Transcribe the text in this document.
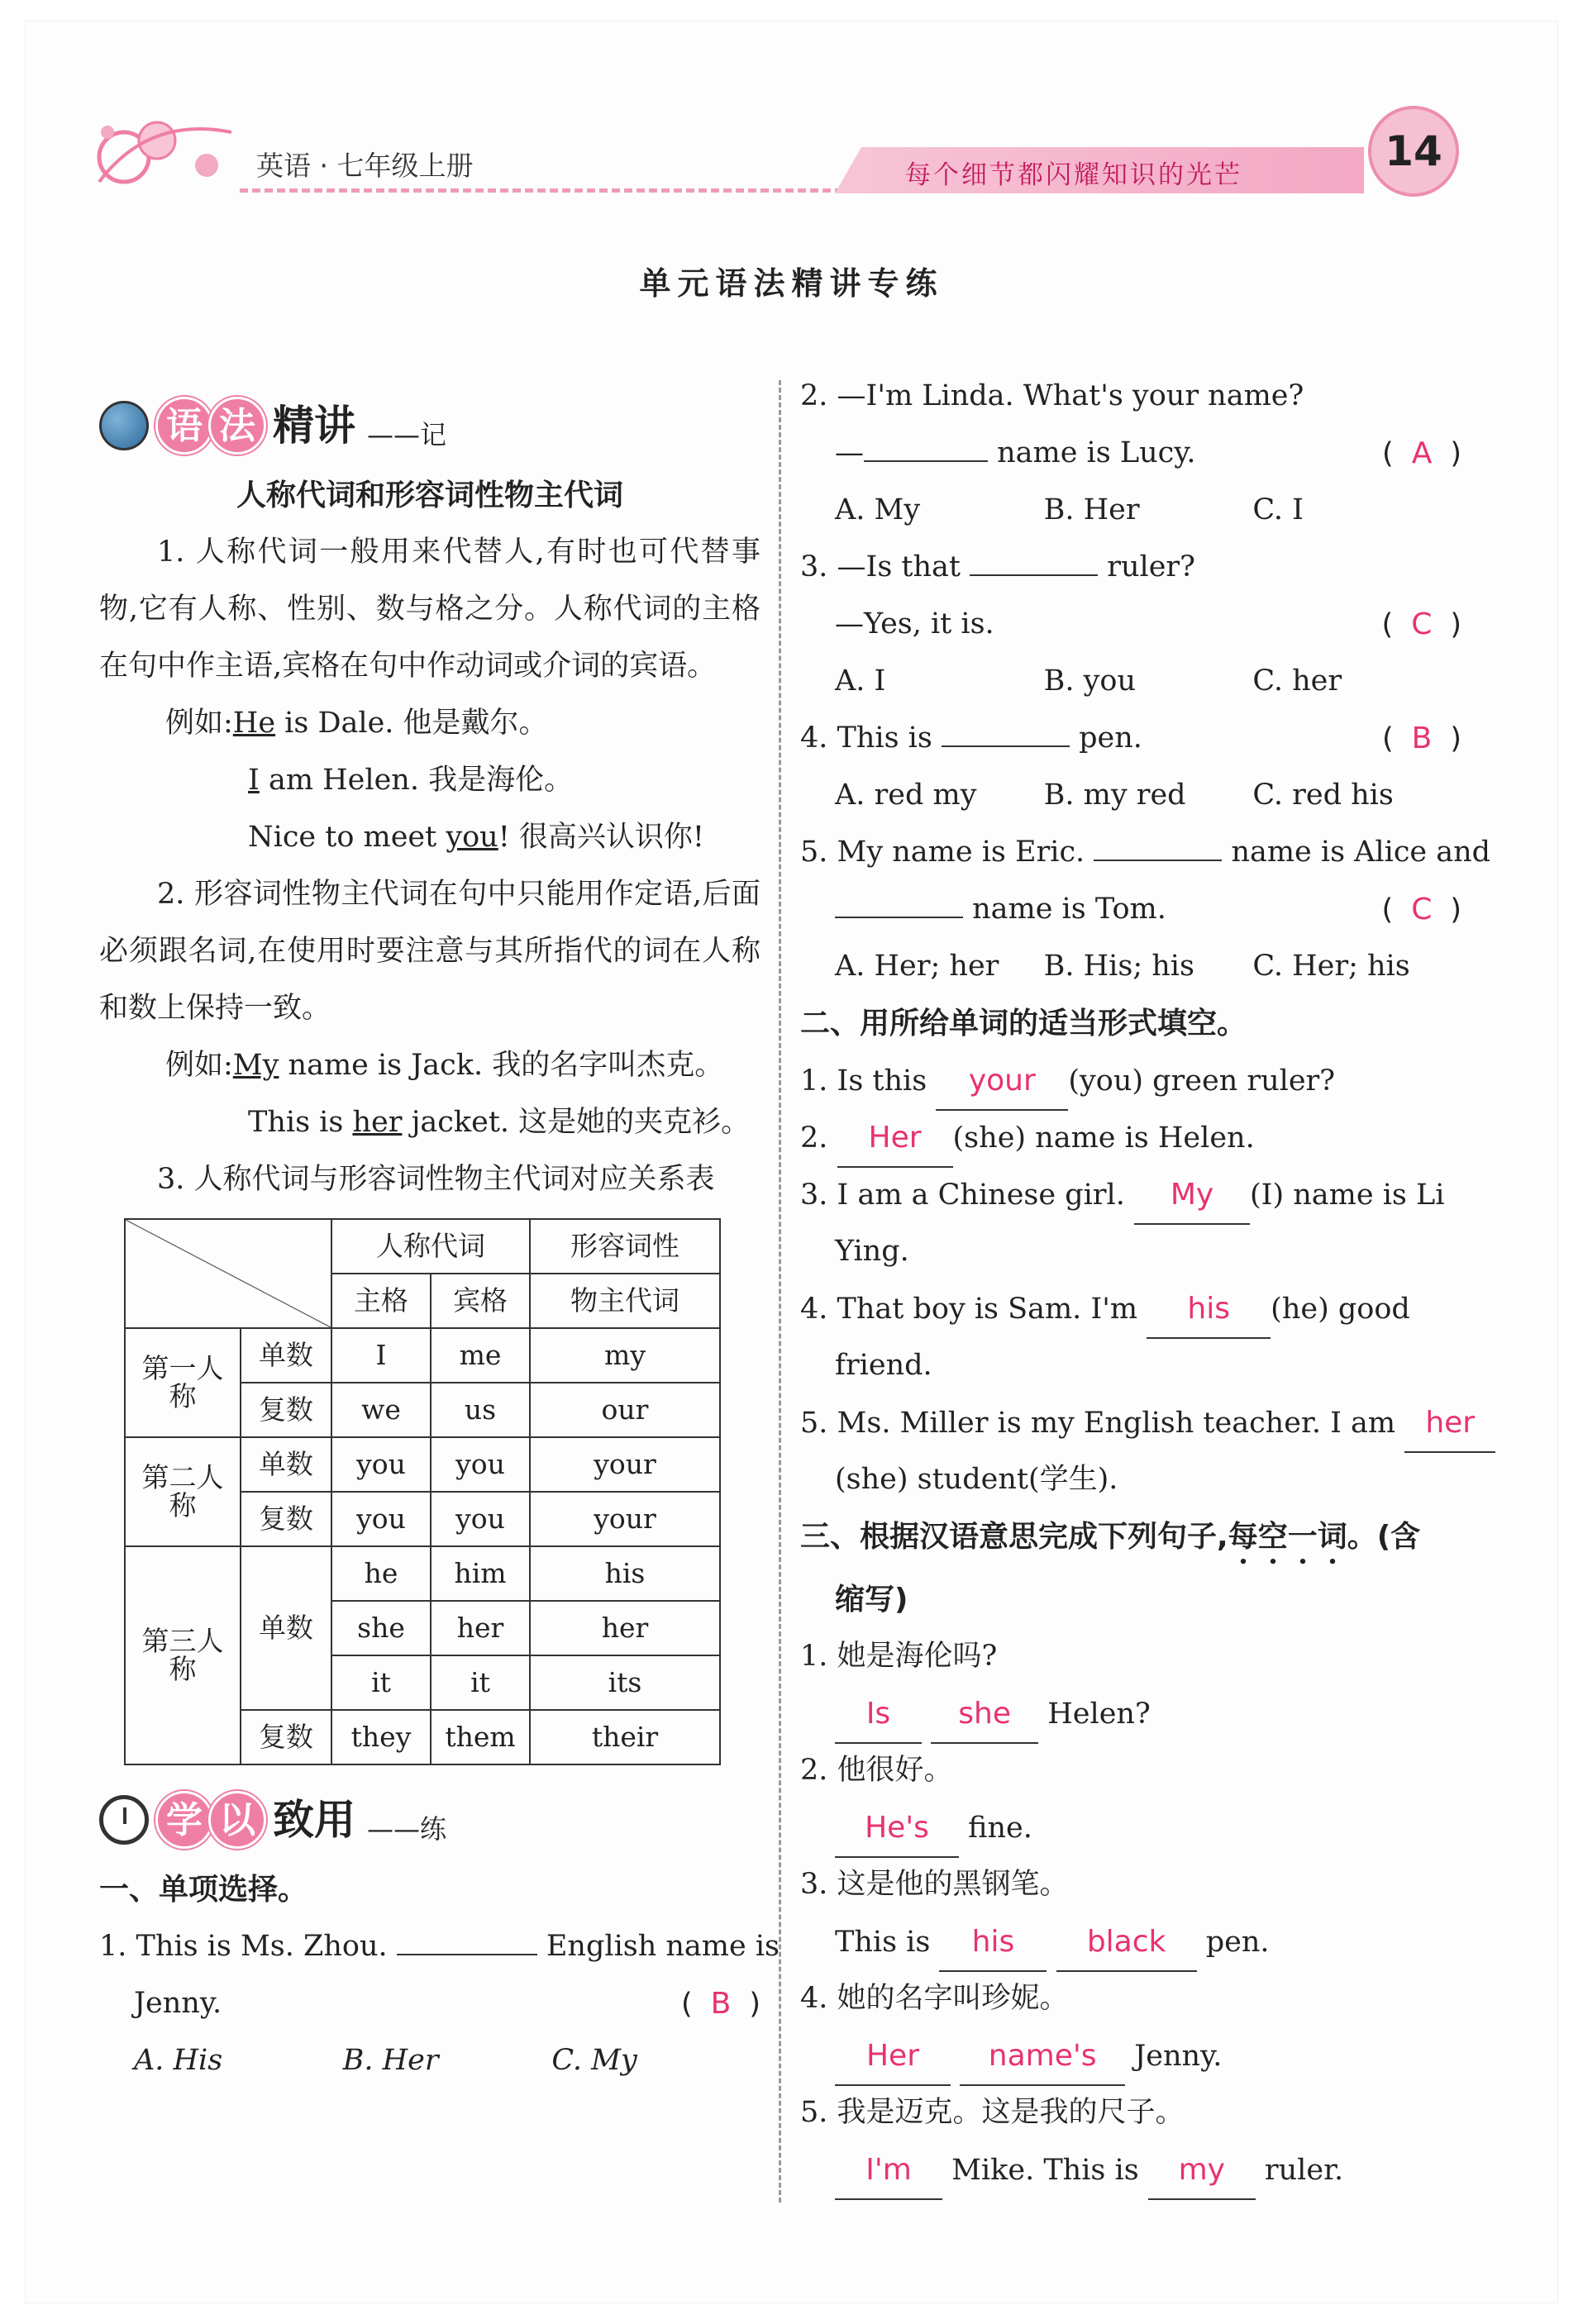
英语 · 七年级上册	每个细节都闪耀知识的光芒	14
单元语法精讲专练
语 法 精讲 ——记
人称代词和形容词性物主代词
1. 人称代词一般用来代替人,有时也可代替事物,它有人称、性别、数与格之分。人称代词的主格在句中作主语,宾格在句中作动词或介词的宾语。
例如:He is Dale. 他是戴尔。
I am Helen. 我是海伦。
Nice to meet you! 很高兴认识你!
2. 形容词性物主代词在句中只能用作定语,后面必须跟名词,在使用时要注意与其所指代的词在人称和数上保持一致。
例如:My name is Jack. 我的名字叫杰克。
This is her jacket. 这是她的夹克衫。
3. 人称代词与形容词性物主代词对应关系表
		人称代词		形容词性
		主格	宾格	物主代词
第一人称	单数	I	me	my
	复数	we	us	our
第二人称	单数	you	you	your
	复数	you	you	your
第三人称	单数	he	him	his
		she	her	her
		it	it	its
	复数	they	them	their
学 以 致用 ——练
一、单项选择。
1. This is Ms. Zhou.	English name is
Jenny.	( B )
A. His	B. Her	C. My
2. —I'm Linda. What's your name?
—	name is Lucy.	( A )
A. My	B. Her	C. I
3. —Is that	ruler?
—Yes, it is.	( C )
A. I	B. you	C. her
4. This is	pen.	( B )
A. red my	B. my red	C. red his
5. My name is Eric.	name is Alice and
name is Tom.	( C )
A. Her; her	B. His; his	C. Her; his
二、用所给单词的适当形式填空。
1. Is this your (you) green ruler?
2. Her (she) name is Helen.
3. I am a Chinese girl. My (I) name is Li
Ying.
4. That boy is Sam. I'm his (he) good
friend.
5. Ms. Miller is my English teacher. I am her
(she) student(学生).
三、根据汉语意思完成下列句子,每空一词。(含
缩写)
1. 她是海伦吗?
Is she Helen?
2. 他很好。
He's fine.
3. 这是他的黑钢笔。
This is his black pen.
4. 她的名字叫珍妮。
Her name's Jenny.
5. 我是迈克。这是我的尺子。
I'm Mike. This is my ruler.
